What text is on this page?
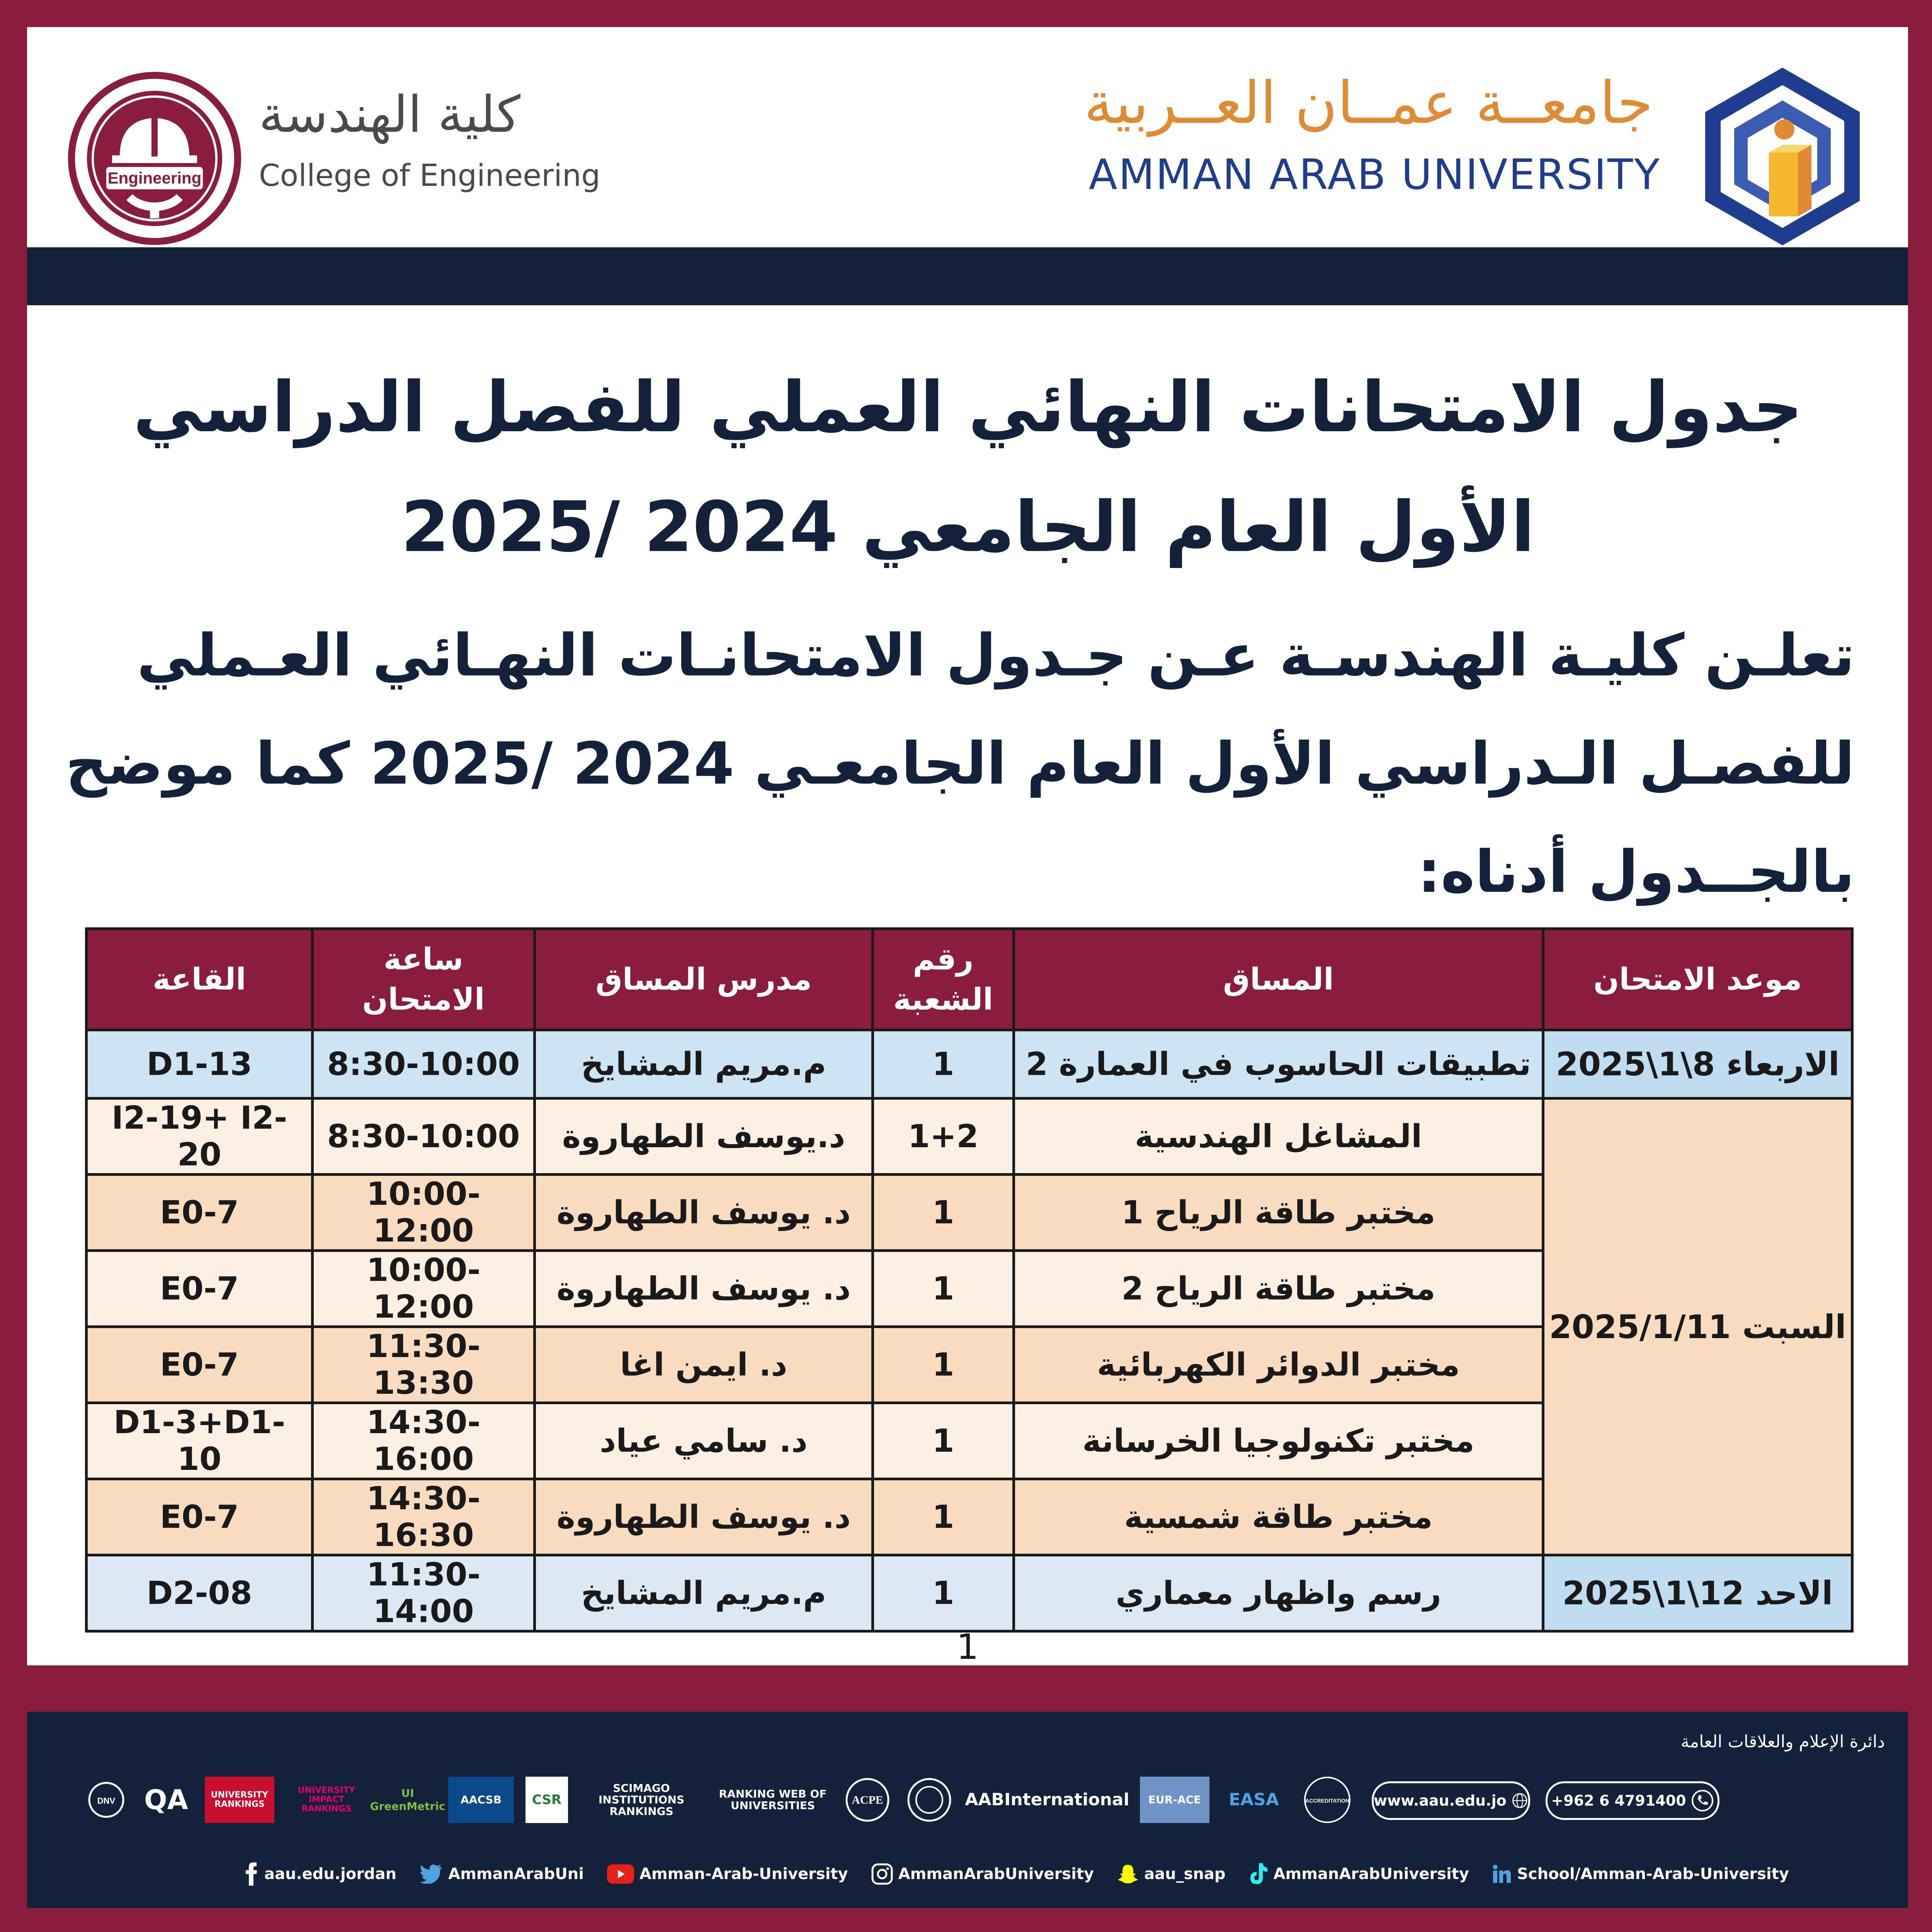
Engineering
كلية الهندسة
College of Engineering
جامعــة عمــان العــربية
AMMAN ARAB UNIVERSITY
جدول الامتحانات النهائي العملي للفصل الدراسي
الأول العام الجامعي 2024 /2025
تعلـن كليـة الهندسـة عـن جـدول الامتحانـات النهـائي العـملي
للفصـل الـدراسي الأول العام الجامعـي 2024 /2025 كما موضح
بالجــدول أدناه:
موعد الامتحان	المساق	رقم الشعبة	مدرس المساق	ساعة الامتحان	القاعة
الاربعاء 8\1\2025	تطبيقات الحاسوب في العمارة 2	1	م.مريم المشايخ	8:30-10:00	D1-13
السبت 2025/1/11	المشاغل الهندسية	1+2	د.يوسف الطهاروة	8:30-10:00	I2-19+ I2-20
	مختبر طاقة الرياح 1	1	د. يوسف الطهاروة	10:00-12:00	E0-7
	مختبر طاقة الرياح 2	1	د. يوسف الطهاروة	10:00-12:00	E0-7
	مختبر الدوائر الكهربائية	1	د. ايمن اغا	11:30-13:30	E0-7
	مختبر تكنولوجيا الخرسانة	1	د. سامي عياد	14:30-16:00	D1-3+D1-10
	مختبر طاقة شمسية	1	د. يوسف الطهاروة	14:30-16:30	E0-7
الاحد 12\1\2025	رسم واظهار معماري	1	م.مريم المشايخ	11:30-14:00	D2-08
1
دائرة الإعلام والعلاقات العامة
DNV QA	UNIVERSITY RANKINGS
UNIVERSITY IMPACT RANKINGS
UI GreenMetric
AACSB	CSR
SCIMAGO INSTITUTIONS RANKINGS
RANKING WEB OF UNIVERSITIES	ACPE	AABInternational	EUR-ACE	EASA	ACCREDITATION www.aau.edu.jo	+962 6 4791400
aau.edu.jordan	AmmanArabUni	Amman-Arab-University	AmmanArabUniversity	aau_snap	AmmanArabUniversity	School/Amman-Arab-University
